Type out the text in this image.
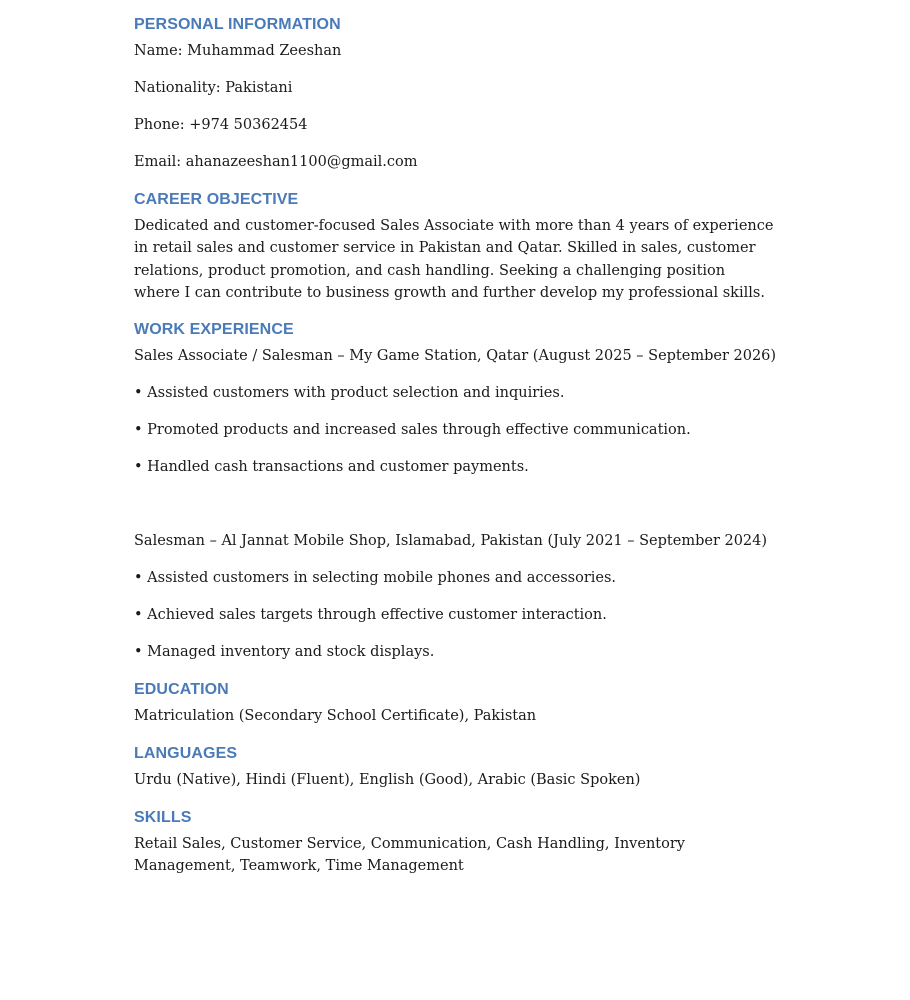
PERSONAL INFORMATION

Name: Muhammad Zeeshan

Nationality: Pakistani

Phone: +974 50362454

Email: ahanazeeshan1100@gmail.com

CAREER OBJECTIVE

Dedicated and customer-focused Sales Associate with more than 4 years of experience in retail sales and customer service in Pakistan and Qatar. Skilled in sales, customer relations, product promotion, and cash handling. Seeking a challenging position where I can contribute to business growth and further develop my professional skills.

WORK EXPERIENCE

Sales Associate / Salesman – My Game Station, Qatar (August 2025 – September 2026)

• Assisted customers with product selection and inquiries.

• Promoted products and increased sales through effective communication.

• Handled cash transactions and customer payments.

Salesman – Al Jannat Mobile Shop, Islamabad, Pakistan (July 2021 – September 2024)

• Assisted customers in selecting mobile phones and accessories.

• Achieved sales targets through effective customer interaction.

• Managed inventory and stock displays.

EDUCATION

Matriculation (Secondary School Certificate), Pakistan

LANGUAGES

Urdu (Native), Hindi (Fluent), English (Good), Arabic (Basic Spoken)

SKILLS

Retail Sales, Customer Service, Communication, Cash Handling, Inventory Management, Teamwork, Time Management
